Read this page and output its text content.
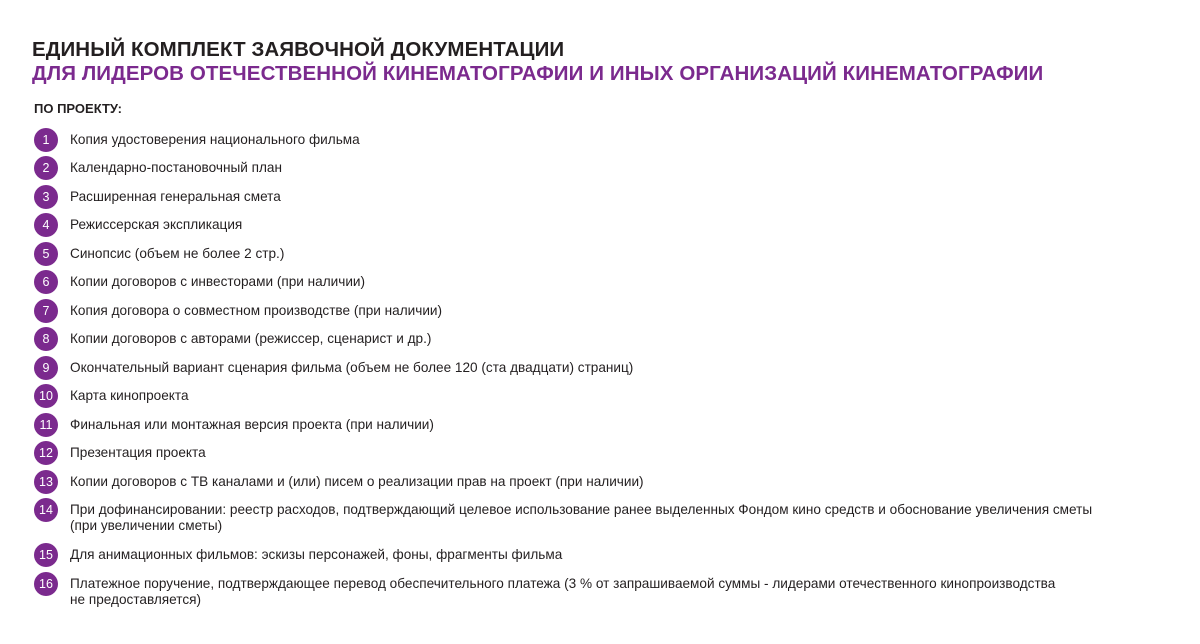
ЕДИНЫЙ КОМПЛЕКТ ЗАЯВОЧНОЙ ДОКУМЕНТАЦИИ
ДЛЯ ЛИДЕРОВ ОТЕЧЕСТВЕННОЙ КИНЕМАТОГРАФИИ И ИНЫХ ОРГАНИЗАЦИЙ КИНЕМАТОГРАФИИ
ПО ПРОЕКТУ:
1	Копия удостоверения национального фильма
2	Календарно-постановочный план
3	Расширенная генеральная смета
4	Режиссерская экспликация
5	Синопсис (объем не более 2 стр.)
6	Копии договоров с инвесторами (при наличии)
7	Копия договора о совместном производстве (при наличии)
8	Копии договоров с авторами (режиссер, сценарист и др.)
9	Окончательный вариант сценария фильма (объем не более 120 (ста двадцати) страниц)
10	Карта кинопроекта
11	Финальная или монтажная версия проекта (при наличии)
12	Презентация проекта
13	Копии договоров с ТВ каналами и (или) писем о реализации прав на проект (при наличии)
14	При дофинансировании: реестр расходов, подтверждающий целевое использование ранее выделенных Фондом кино средств и обоснование увеличения сметы
(при увеличении сметы)
15	Для анимационных фильмов: эскизы персонажей, фоны, фрагменты фильма
16	Платежное поручение, подтверждающее перевод обеспечительного платежа (3 % от запрашиваемой суммы - лидерами отечественного кинопроизводства
не предоставляется)
